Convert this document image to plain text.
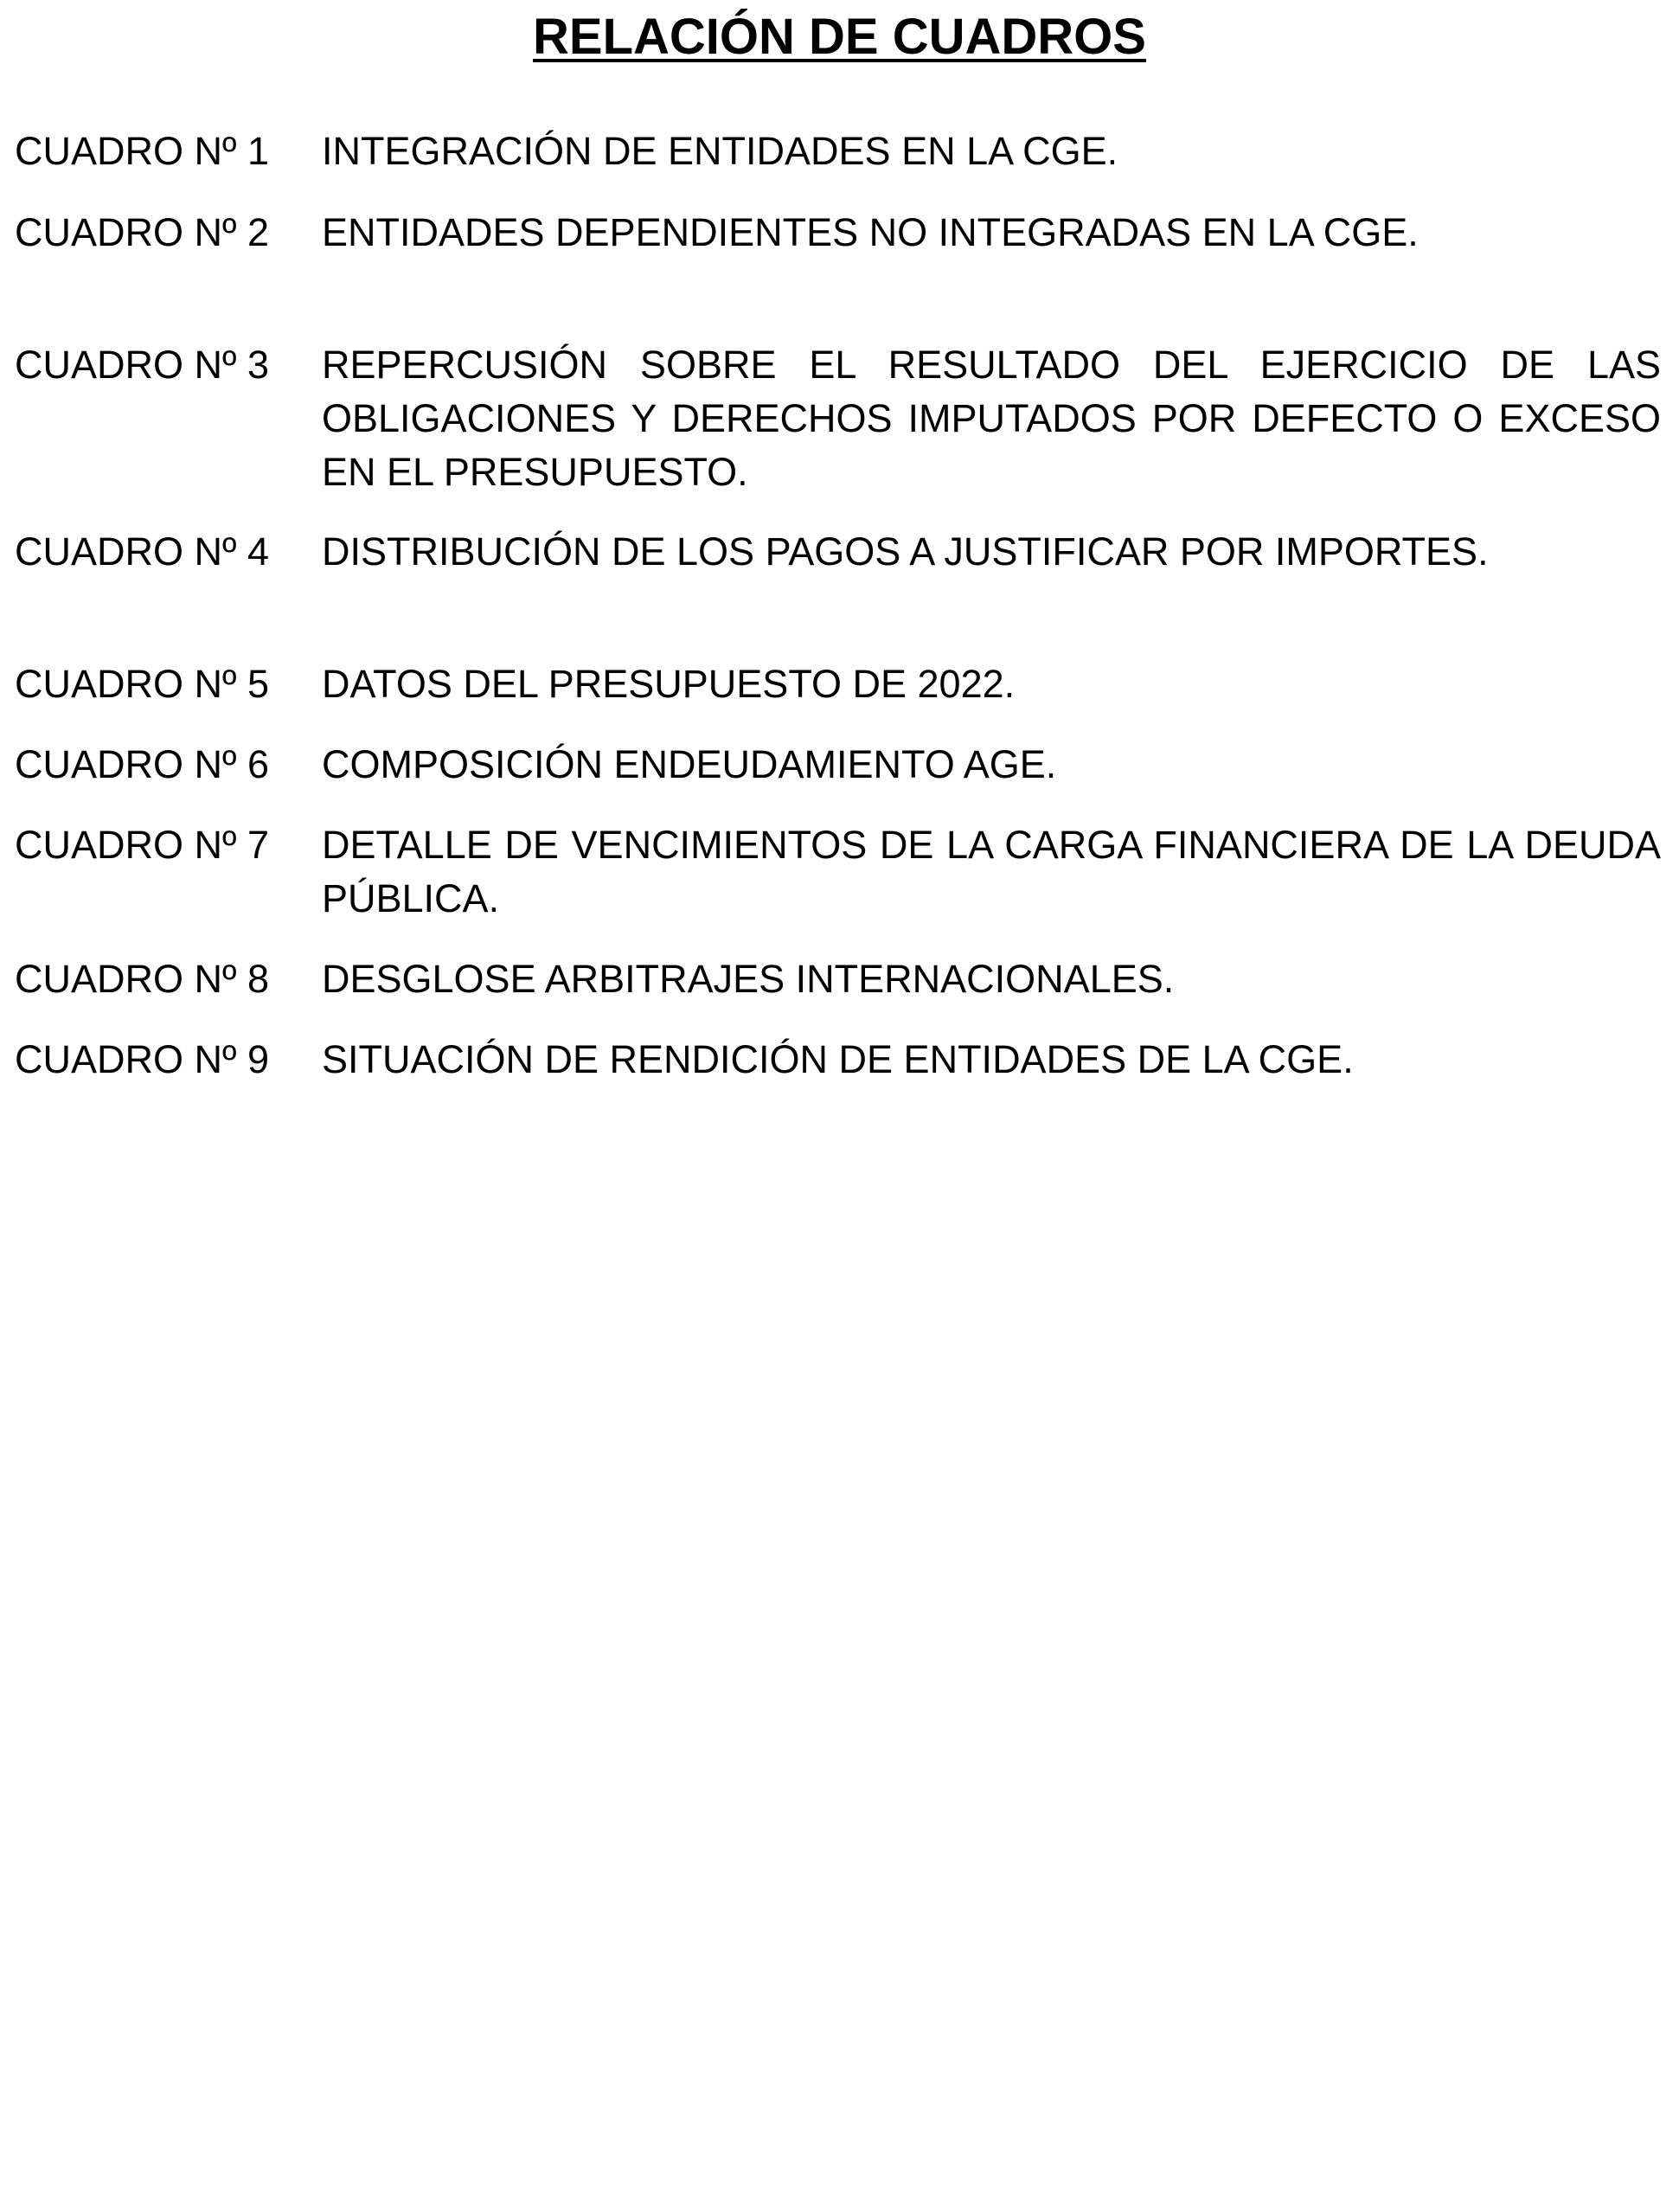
RELACIÓN DE CUADROS
CUADRO Nº 1 INTEGRACIÓN DE ENTIDADES EN LA CGE.
CUADRO Nº 2 ENTIDADES DEPENDIENTES NO INTEGRADAS EN LA CGE.
CUADRO Nº 3 REPERCUSIÓN SOBRE EL RESULTADO DEL EJERCICIO DE LAS OBLIGACIONES Y DERECHOS IMPUTADOS POR DEFECTO O EXCESO EN EL PRESUPUESTO.
CUADRO Nº 4 DISTRIBUCIÓN DE LOS PAGOS A JUSTIFICAR POR IMPORTES.
CUADRO Nº 5 DATOS DEL PRESUPUESTO DE 2022.
CUADRO Nº 6 COMPOSICIÓN ENDEUDAMIENTO AGE.
CUADRO Nº 7 DETALLE DE VENCIMIENTOS DE LA CARGA FINANCIERA DE LA DEUDA PÚBLICA.
CUADRO Nº 8 DESGLOSE ARBITRAJES INTERNACIONALES.
CUADRO Nº 9 SITUACIÓN DE RENDICIÓN DE ENTIDADES DE LA CGE.
